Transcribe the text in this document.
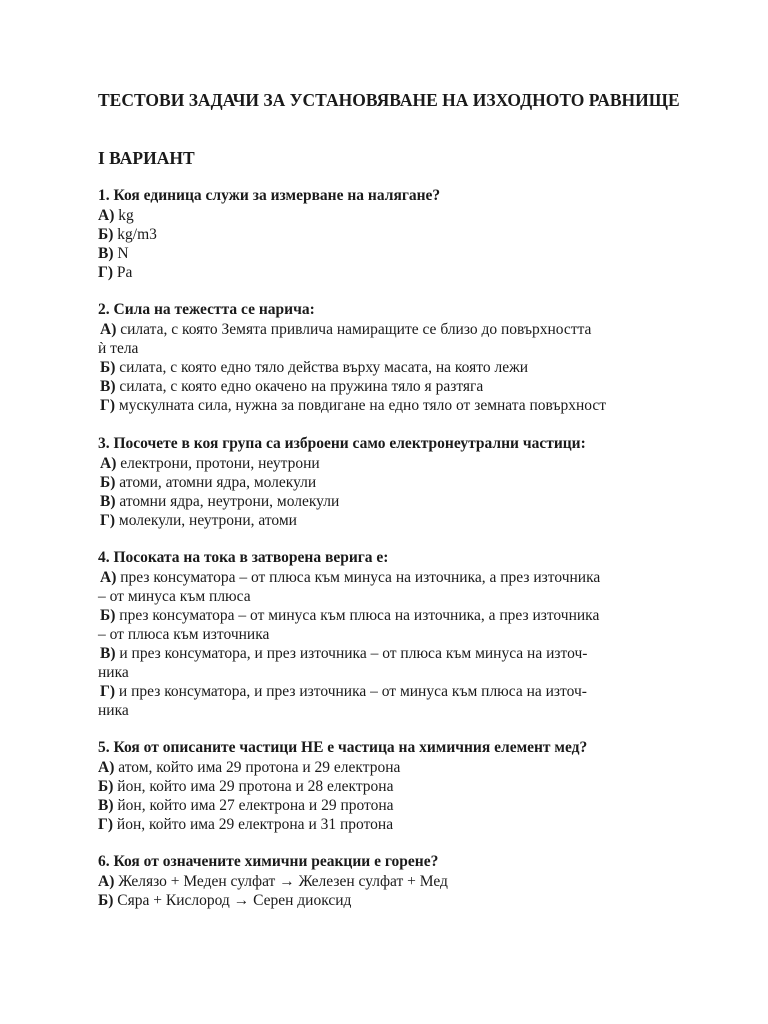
ТЕСТОВИ ЗАДАЧИ ЗА УСТАНОВЯВАНЕ НА ИЗХОДНОТО РАВНИЩЕ
I ВАРИАНТ
1. Коя единица служи за измерване на налягане?
А) kg
Б) kg/m3
В) N
Г) Pa
2. Сила на тежестта се нарича:
А) силата, с която Земята привлича намиращите се близо до повърхността
ѝ тела
Б) силата, с която едно тяло действа върху масата, на която лежи
В) силата, с която едно окачено на пружина тяло я разтяга
Г) мускулната сила, нужна за повдигане на едно тяло от земната повърхност
3. Посочете в коя група са изброени само електронеутрални частици:
А) електрони, протони, неутрони
Б) атоми, атомни ядра, молекули
В) атомни ядра, неутрони, молекули
Г) молекули, неутрони, атоми
4. Посоката на тока в затворена верига е:
А) през консуматора – от плюса към минуса на източника, а през източника
– от минуса към плюса
Б) през консуматора – от минуса към плюса на източника, а през източника
– от плюса към източника
В) и през консуматора, и през източника – от плюса към минуса на източ-
ника
Г) и през консуматора, и през източника – от минуса към плюса на източ-
ника
5. Коя от описаните частици НЕ е частица на химичния елемент мед?
А) атом, който има 29 протона и 29 електрона
Б) йон, който има 29 протона и 28 електрона
В) йон, който има 27 електрона и 29 протона
Г) йон, който има 29 електрона и 31 протона
6. Коя от означените химични реакции е горене?
А) Желязо + Меден сулфат → Железен сулфат + Мед
Б) Сяра + Кислород → Серен диоксид
